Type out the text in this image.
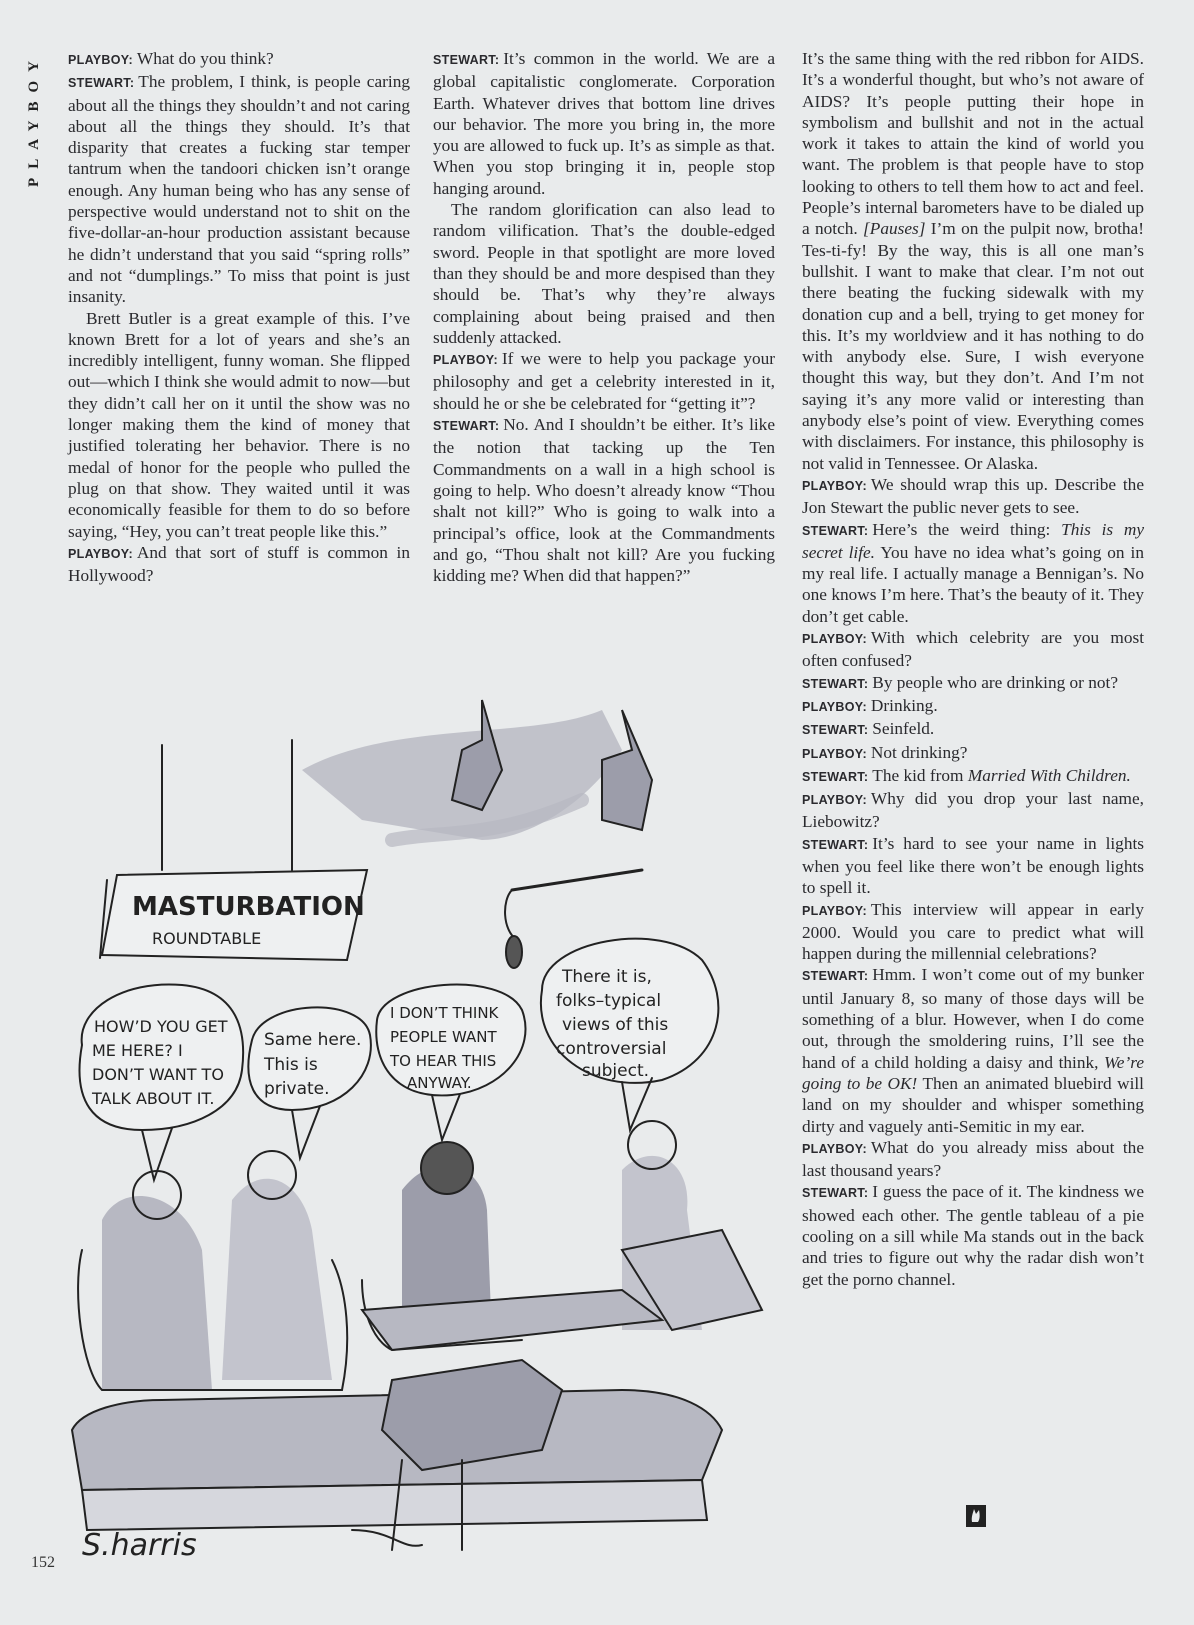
PLAYBOY	PLAYBOY: What do you think?

STEWART: The problem, I think, is people caring about all the things they shouldn’t and not caring about all the things they should. It’s that disparity that creates a fucking star temper tantrum when the tandoori chicken isn’t orange enough. Any human being who has any sense of perspective would understand not to shit on the five-dollar-an-hour production assistant because he didn’t understand that you said “spring rolls” and not “dumplings.” To miss that point is just insanity.

Brett Butler is a great example of this. I’ve known Brett for a lot of years and she’s an incredibly intelligent, funny woman. She flipped out—which I think she would admit to now—but they didn’t call her on it until the show was no longer making them the kind of money that justified tolerating her behavior. There is no medal of honor for the people who pulled the plug on that show. They waited until it was economically feasible for them to do so before saying, “Hey, you can’t treat people like this.”

PLAYBOY: And that sort of stuff is common in Hollywood?

STEWART: It’s common in the world. We are a global capitalistic conglomerate. Corporation Earth. Whatever drives that bottom line drives our behavior. The more you bring in, the more you are allowed to fuck up. It’s as simple as that. When you stop bringing it in, people stop hanging around.

The random glorification can also lead to random vilification. That’s the double-edged sword. People in that spotlight are more loved than they should be and more despised than they should be. That’s why they’re always complaining about being praised and then suddenly attacked.

PLAYBOY: If we were to help you package your philosophy and get a celebrity interested in it, should he or she be celebrated for “getting it”?

STEWART: No. And I shouldn’t be either. It’s like the notion that tacking up the Ten Commandments on a wall in a high school is going to help. Who doesn’t already know “Thou shalt not kill?” Who is going to walk into a principal’s office, look at the Commandments and go, “Thou shalt not kill? Are you fucking kidding me? When did that happen?”

It’s the same thing with the red ribbon for AIDS. It’s a wonderful thought, but who’s not aware of AIDS? It’s people putting their hope in symbolism and bullshit and not in the actual work it takes to attain the kind of world you want. The problem is that people have to stop looking to others to tell them how to act and feel. People’s internal barometers have to be dialed up a notch. [Pauses] I’m on the pulpit now, brotha! Tes-ti-fy! By the way, this is all one man’s bullshit. I want to make that clear. I’m not out there beating the fucking sidewalk with my donation cup and a bell, trying to get money for this. It’s my worldview and it has nothing to do with anybody else. Sure, I wish everyone thought this way, but they don’t. And I’m not saying it’s any more valid or interesting than anybody else’s point of view. Everything comes with disclaimers. For instance, this philosophy is not valid in Tennessee. Or Alaska.

PLAYBOY: We should wrap this up. Describe the Jon Stewart the public never gets to see.

STEWART: Here’s the weird thing: This is my secret life. You have no idea what’s going on in my real life. I actually manage a Bennigan’s. No one knows I’m here. That’s the beauty of it. They don’t get cable.

PLAYBOY: With which celebrity are you most often confused?

STEWART: By people who are drinking or not?

PLAYBOY: Drinking.

STEWART: Seinfeld.

PLAYBOY: Not drinking?

STEWART: The kid from Married With Children.

PLAYBOY: Why did you drop your last name, Liebowitz?

STEWART: It’s hard to see your name in lights when you feel like there won’t be enough lights to spell it.

PLAYBOY: This interview will appear in early 2000. Would you care to predict what will happen during the millennial celebrations?

STEWART: Hmm. I won’t come out of my bunker until January 8, so many of those days will be something of a blur. However, when I do come out, through the smoldering ruins, I’ll see the hand of a child holding a daisy and think, We’re going to be OK! Then an animated bluebird will land on my shoulder and whisper something dirty and vaguely anti-Semitic in my ear.

PLAYBOY: What do you already miss about the last thousand years?

STEWART: I guess the pace of it. The kindness we showed each other. The gentle tableau of a pie cooling on a sill while Ma stands out in the back and tries to figure out why the radar dish won’t get the porno channel.

MASTURBATION
ROUNDTABLE
HOW’D YOU GET
ME HERE? I
DON’T WANT TO
TALK ABOUT IT.
Same here.
This is
private.
I DON’T THINK
PEOPLE WANT
TO HEAR THIS
ANYWAY.
There it is,
folks–typical
views of this
controversial
subject.
S.harris
152
